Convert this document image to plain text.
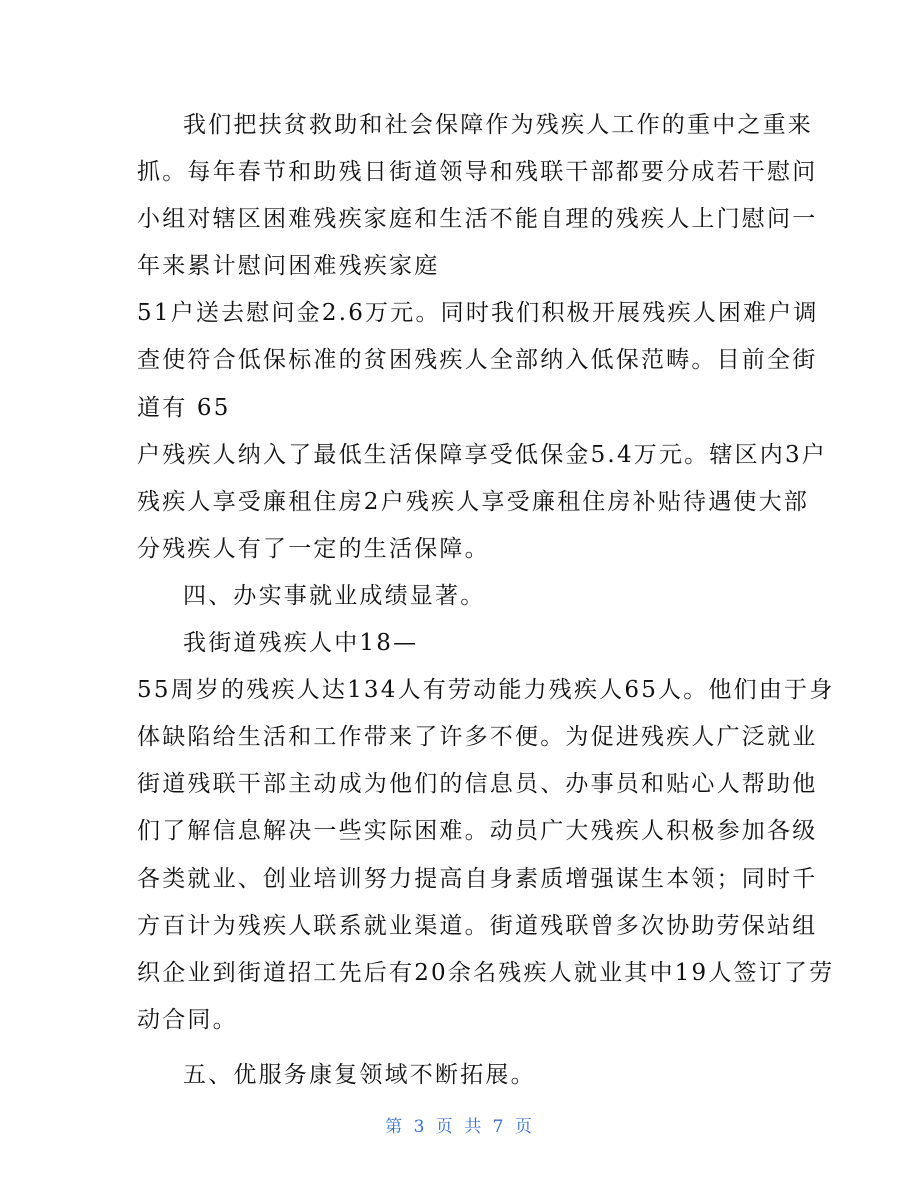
我们把扶贫救助和社会保障作为残疾人工作的重中之重来
抓。每年春节和助残日街道领导和残联干部都要分成若干慰问
小组对辖区困难残疾家庭和生活不能自理的残疾人上门慰问一
年来累计慰问困难残疾家庭
51户送去慰问金2.6万元。同时我们积极开展残疾人困难户调
查使符合低保标准的贫困残疾人全部纳入低保范畴。目前全街
道有 65
户残疾人纳入了最低生活保障享受低保金5.4万元。辖区内3户
残疾人享受廉租住房2户残疾人享受廉租住房补贴待遇使大部
分残疾人有了一定的生活保障。
四、办实事就业成绩显著。
我街道残疾人中18—
55周岁的残疾人达134人有劳动能力残疾人65人。他们由于身
体缺陷给生活和工作带来了许多不便。为促进残疾人广泛就业
街道残联干部主动成为他们的信息员、办事员和贴心人帮助他
们了解信息解决一些实际困难。动员广大残疾人积极参加各级
各类就业、创业培训努力提高自身素质增强谋生本领；同时千
方百计为残疾人联系就业渠道。街道残联曾多次协助劳保站组
织企业到街道招工先后有20余名残疾人就业其中19人签订了劳
动合同。
五、优服务康复领域不断拓展。
第 3 页 共 7 页
